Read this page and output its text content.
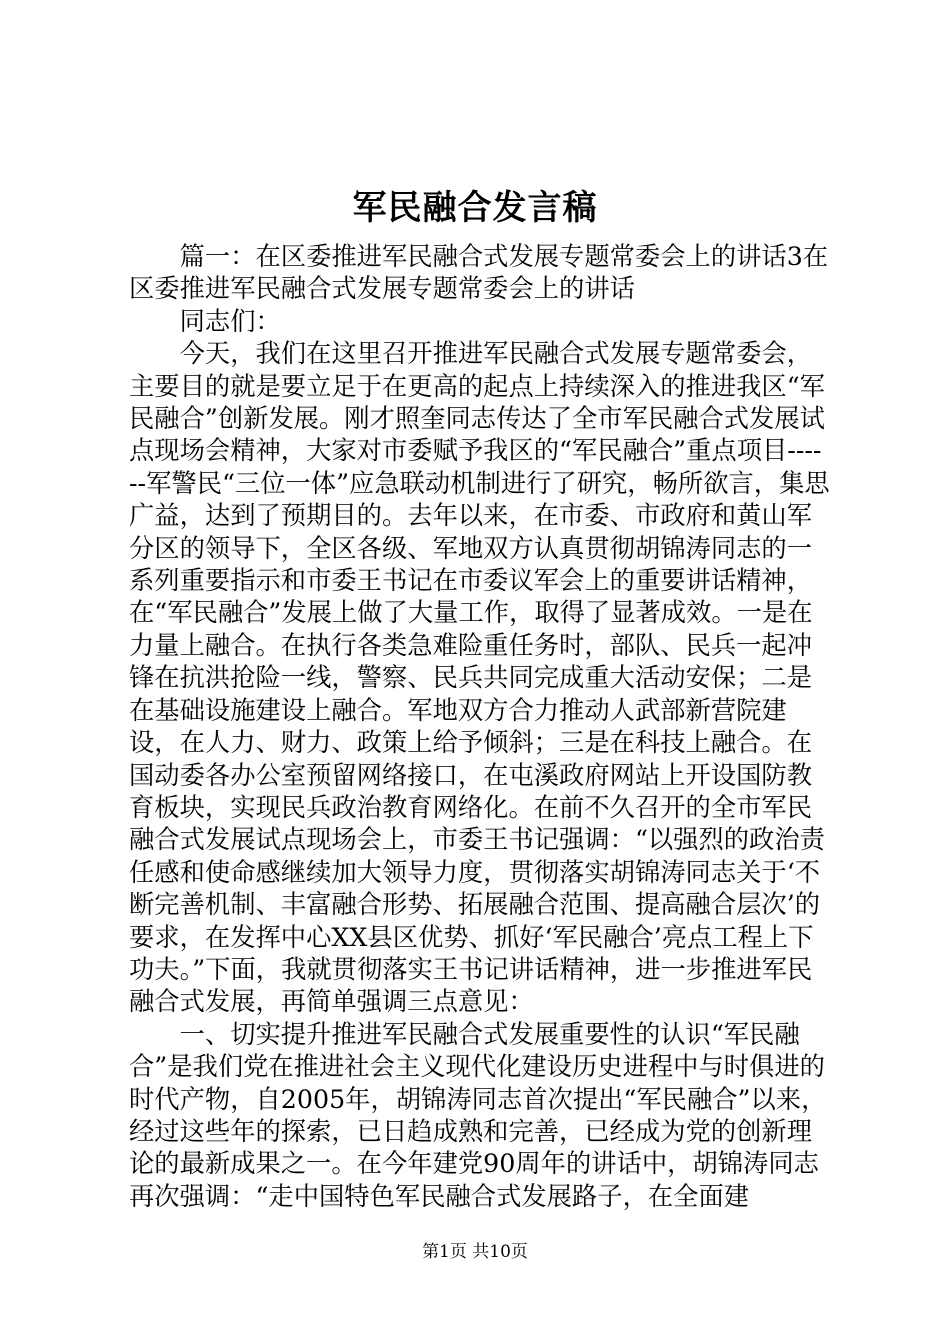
军民融合发言稿

篇一：在区委推进军民融合式发展专题常委会上的讲话3在区委推进军民融合式发展专题常委会上的讲话

同志们：

今天，我们在这里召开推进军民融合式发展专题常委会，主要目的就是要立足于在更高的起点上持续深入的推进我区“军民融合”创新发展。刚才照奎同志传达了全市军民融合式发展试点现场会精神，大家对市委赋予我区的“军民融合”重点项目------军警民“三位一体”应急联动机制进行了研究，畅所欲言，集思广益，达到了预期目的。去年以来，在市委、市政府和黄山军分区的领导下，全区各级、军地双方认真贯彻胡锦涛同志的一系列重要指示和市委王书记在市委议军会上的重要讲话精神，在“军民融合”发展上做了大量工作，取得了显著成效。一是在力量上融合。在执行各类急难险重任务时，部队、民兵一起冲锋在抗洪抢险一线，警察、民兵共同完成重大活动安保；二是在基础设施建设上融合。军地双方合力推动人武部新营院建设，在人力、财力、政策上给予倾斜；三是在科技上融合。在国动委各办公室预留网络接口，在屯溪政府网站上开设国防教育板块，实现民兵政治教育网络化。在前不久召开的全市军民融合式发展试点现场会上，市委王书记强调：“以强烈的政治责任感和使命感继续加大领导力度，贯彻落实胡锦涛同志关于‘不断完善机制、丰富融合形势、拓展融合范围、提高融合层次’的要求，在发挥中心XX县区优势、抓好‘军民融合’亮点工程上下功夫。”下面，我就贯彻落实王书记讲话精神，进一步推进军民融合式发展，再简单强调三点意见：

一、切实提升推进军民融合式发展重要性的认识“军民融合”是我们党在推进社会主义现代化建设历史进程中与时俱进的时代产物，自2005年，胡锦涛同志首次提出“军民融合”以来，经过这些年的探索，已日趋成熟和完善，已经成为党的创新理论的最新成果之一。在今年建党90周年的讲话中，胡锦涛同志再次强调：“走中国特色军民融合式发展路子，在全面建

第1页 共10页
